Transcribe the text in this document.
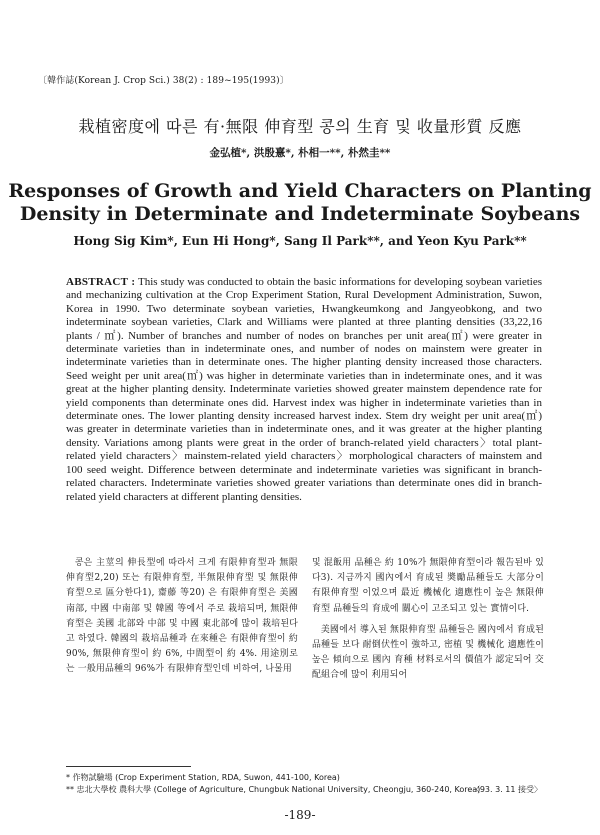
〔韓作誌(Korean J. Crop Sci.) 38(2) : 189~195(1993)〕
栽植密度에 따른 有·無限 伸育型 콩의 生育 및 收量形質 反應
金弘植*, 洪殷憙*, 朴相一**, 朴然圭**
Responses of Growth and Yield Characters on Planting Density in Determinate and Indeterminate Soybeans
Hong Sig Kim*, Eun Hi Hong*, Sang Il Park**, and Yeon Kyu Park**
ABSTRACT : This study was conducted to obtain the basic informations for developing soybean varieties and mechanizing cultivation at the Crop Experiment Station, Rural Development Administration, Suwon, Korea in 1990. Two determinate soybean varieties, Hwangkeumkong and Jangyeobkong, and two indeterminate soybean varieties, Clark and Williams were planted at three planting densities (33,22,16 plants / ㎡). Number of branches and number of nodes on branches per unit area(㎡) were greater in determinate varieties than in indeterminate ones, and number of nodes on mainstem were greater in indeterminate varieties than in determinate ones. The higher planting density increased those characters. Seed weight per unit area(㎡) was higher in determinate varieties than in indeterminate ones, and it was great at the higher planting density. Indeterminate varieties showed greater mainstem dependence rate for yield components than determinate ones did. Harvest index was higher in indeterminate varieties than in determinate ones. The lower planting density increased harvest index. Stem dry weight per unit area(㎡) was greater in determinate varieties than in indeterminate ones, and it was greater at the higher planting density. Variations among plants were great in the order of branch-related yield characters〉total plant-related yield characters〉mainstem-related yield characters〉morphological characters of mainstem and 100 seed weight. Difference between determinate and indeterminate varieties was significant in branch-related characters. Indeterminate varieties showed greater variations than determinate ones did in branch-related yield characters at different planting densities.

콩은 主莖의 伸長型에 따라서 크게 有限伸育型과 無限伸育型2,20) 또는 有限伸育型, 半無限伸育型 및 無限伸育型으로 區分한다1), 齋藤 等20) 은 有限伸育型은 美國 南部, 中國 中南部 및 韓國 等에서 주로 栽培되며, 無限伸育型은 美國 北部와 中部 및 中國 東北部에 많이 栽培된다고 하였다. 韓國의 栽培品種과 在來種은 有限伸育型이 約 90%, 無限伸育型이 約 6%, 中間型이 約 4%. 用途別로는 一般用品種의 96%가 有限伸育型인데 비하여, 나물用

및 混飯用 品種은 約 10%가 無限伸育型이라 報告된바 있다3). 지금까지 國內에서 育成된 奬勵品種들도 大部分이 有限伸育型 이었으며 最近 機械化 適應性이 높은 無限伸育型 品種들의 育成에 關心이 고조되고 있는 實情이다.

美國에서 導入된 無限伸育型 品種들은 國內에서 育成된 品種들 보다 耐倒伏性이 強하고, 密植 및 機械化 適應性이 높은 傾向으로 國內 育種 材料로서의 價值가 認定되어 交配組合에 많이 利用되어

* 作物試驗場 (Crop Experiment Station, RDA, Suwon, 441-100, Korea)
** 忠北大學校 農科大學 (College of Agriculture, Chungbuk National University, Cheongju, 360-240, Korea)
〈93. 3. 11 接受〉
-189-
